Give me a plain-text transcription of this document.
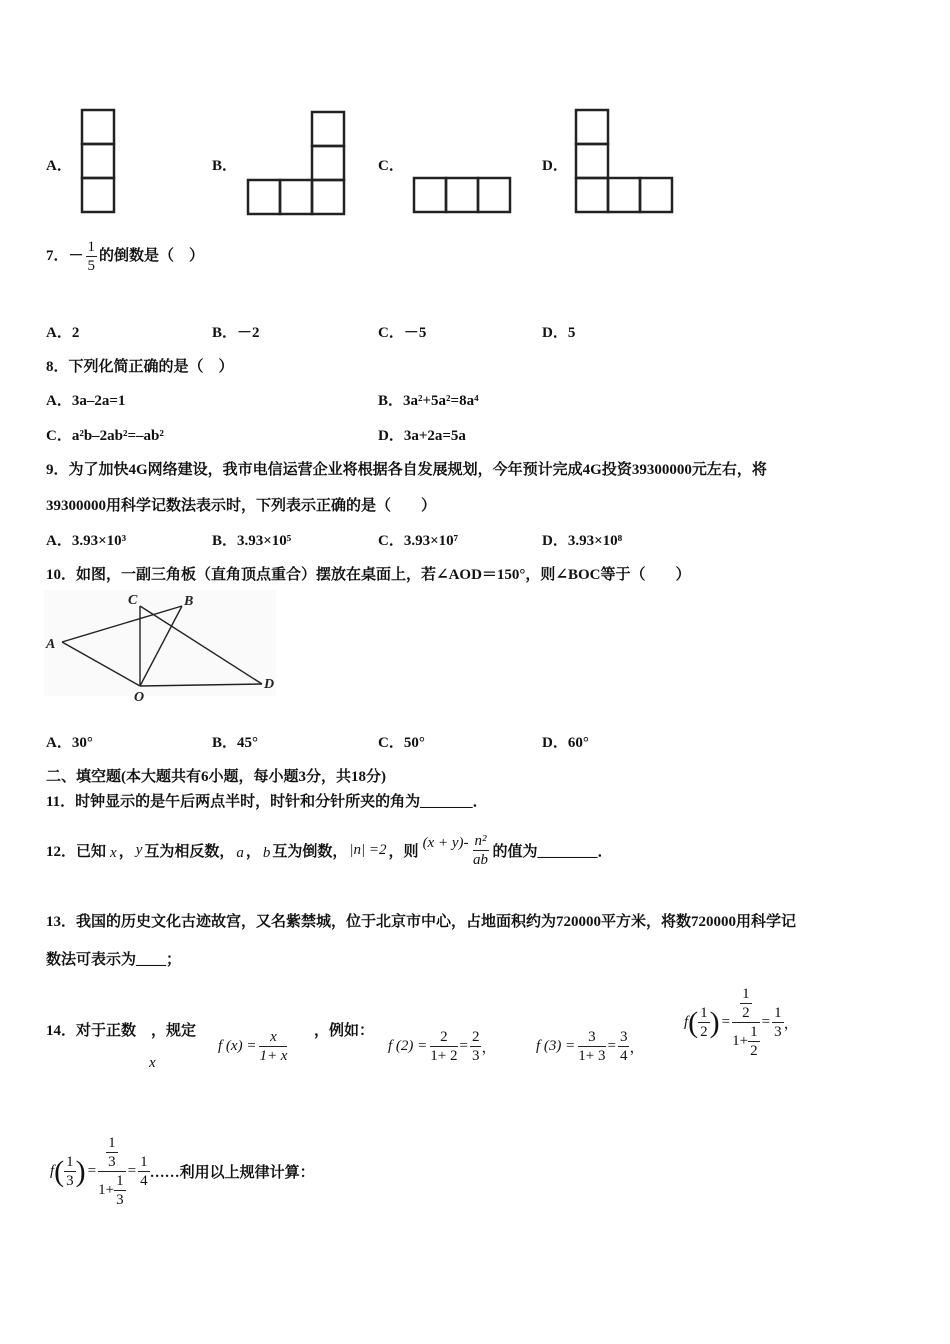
A．	B．	C．	D．
7．－ $\frac{1}{5}$ 的倒数是（　）
A．2	B．－2	C．－5	D．5
8．下列化简正确的是（　）
A．3a–2a=1	B．3a²+5a²=8a⁴
C．a²b–2ab²=–ab²	D．3a+2a=5a
9．为了加快4G网络建设，我市电信运营企业将根据各自发展规划，今年预计完成4G投资39300000元左右，将
39300000用科学记数法表示时，下列表示正确的是（　　）
A．3.93×10³	B．3.93×10⁵	C．3.93×10⁷	D．3.93×10⁸
10．如图，一副三角板（直角顶点重合）摆放在桌面上，若∠AOD＝150°，则∠BOC等于（　　）
A
B
C
O
D
A．30°	B．45°	C．50°	D．60°
二、填空题(本大题共有6小题，每小题3分，共18分)
11．时钟显示的是午后两点半时，时针和分针所夹的角为_______．
12．已知 x ， y 互为相反数， a ， b 互为倒数， |n| =2 ，则
$(x + y)- \frac{\text{n²}}{ab}$ 的值为________．
13．我国的历史文化古迹故宫，又名紫禁城，位于北京市中心，占地面积约为720000平方米，将数720000用科学记
数法可表示为____；
14．对于正数　，规定
x
f $(x) = \frac{x}{1+ x}$ ，例如：
f $(2) = \frac{2}{1+ 2} = \frac{2}{3}$ ，	f $(3) = \frac{3}{1+ 3} = \frac{3}{4}$ ，
f ( $\frac{1}{2}$ ) = $\frac{\frac{1}{2}}{1+ \frac{1}{2}} = \frac{1}{3}$ ，
f ( $\frac{1}{3}$ ) = $\frac{\frac{1}{3}}{1+ \frac{1}{3}} = \frac{1}{4}$ ……利用以上规律计算：
